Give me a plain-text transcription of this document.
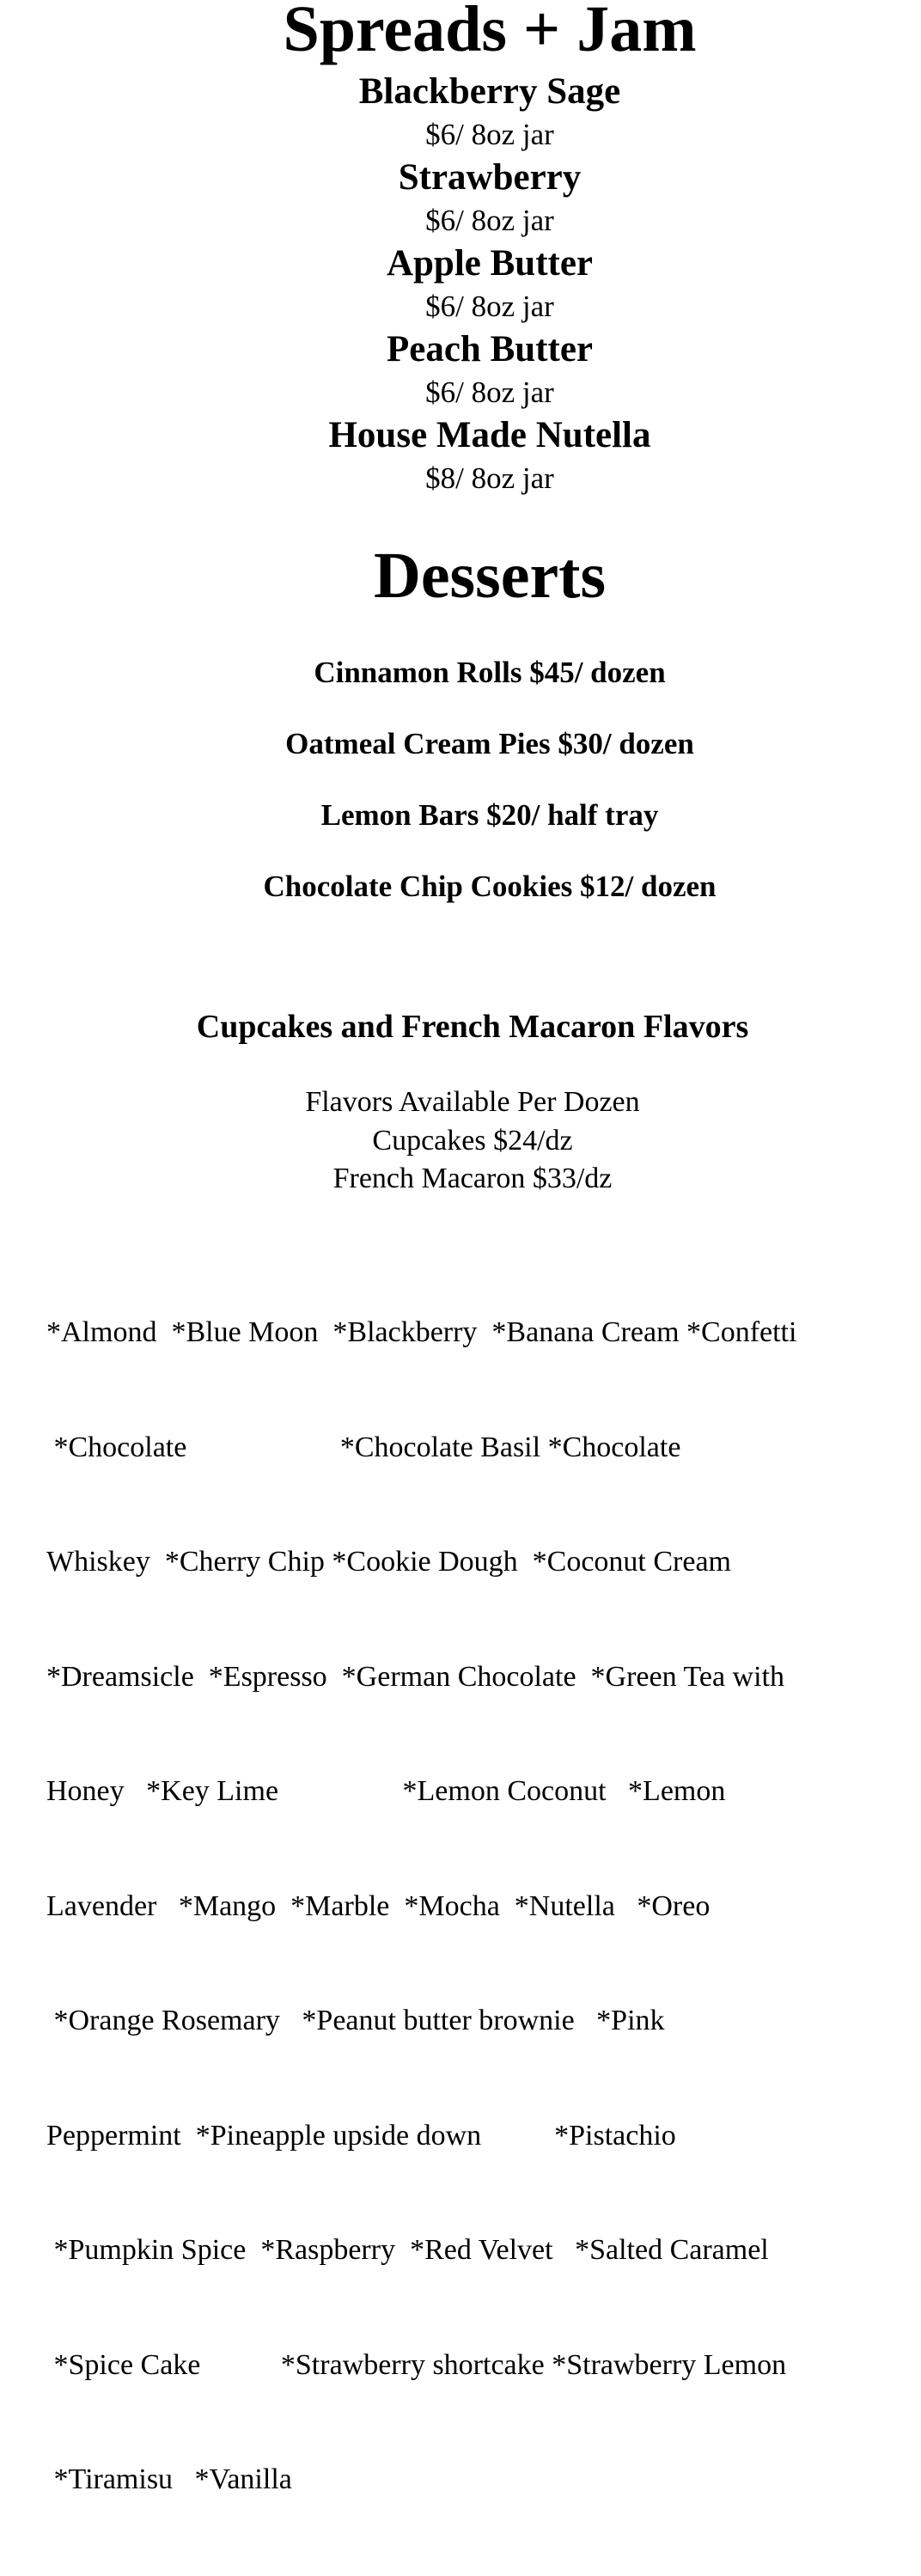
Spreads + Jam
Blackberry Sage
$6/ 8oz jar
Strawberry
$6/ 8oz jar
Apple Butter
$6/ 8oz jar
Peach Butter
$6/ 8oz jar
House Made Nutella
$8/ 8oz jar
Desserts
Cinnamon Rolls $45/ dozen
Oatmeal Cream Pies $30/ dozen
Lemon Bars $20/ half tray
Chocolate Chip Cookies $12/ dozen
Cupcakes and French Macaron Flavors
Flavors Available Per Dozen
Cupcakes $24/dz
French Macaron $33/dz

*Almond  *Blue Moon  *Blackberry  *Banana Cream *Confetti

*Chocolate                     *Chocolate Basil *Chocolate

Whiskey  *Cherry Chip *Cookie Dough  *Coconut Cream

*Dreamsicle  *Espresso  *German Chocolate  *Green Tea with

Honey   *Key Lime                 *Lemon Coconut   *Lemon

Lavender   *Mango  *Marble  *Mocha  *Nutella   *Oreo

*Orange Rosemary   *Peanut butter brownie   *Pink

Peppermint  *Pineapple upside down          *Pistachio

*Pumpkin Spice  *Raspberry  *Red Velvet   *Salted Caramel

*Spice Cake           *Strawberry shortcake *Strawberry Lemon

*Tiramisu   *Vanilla
